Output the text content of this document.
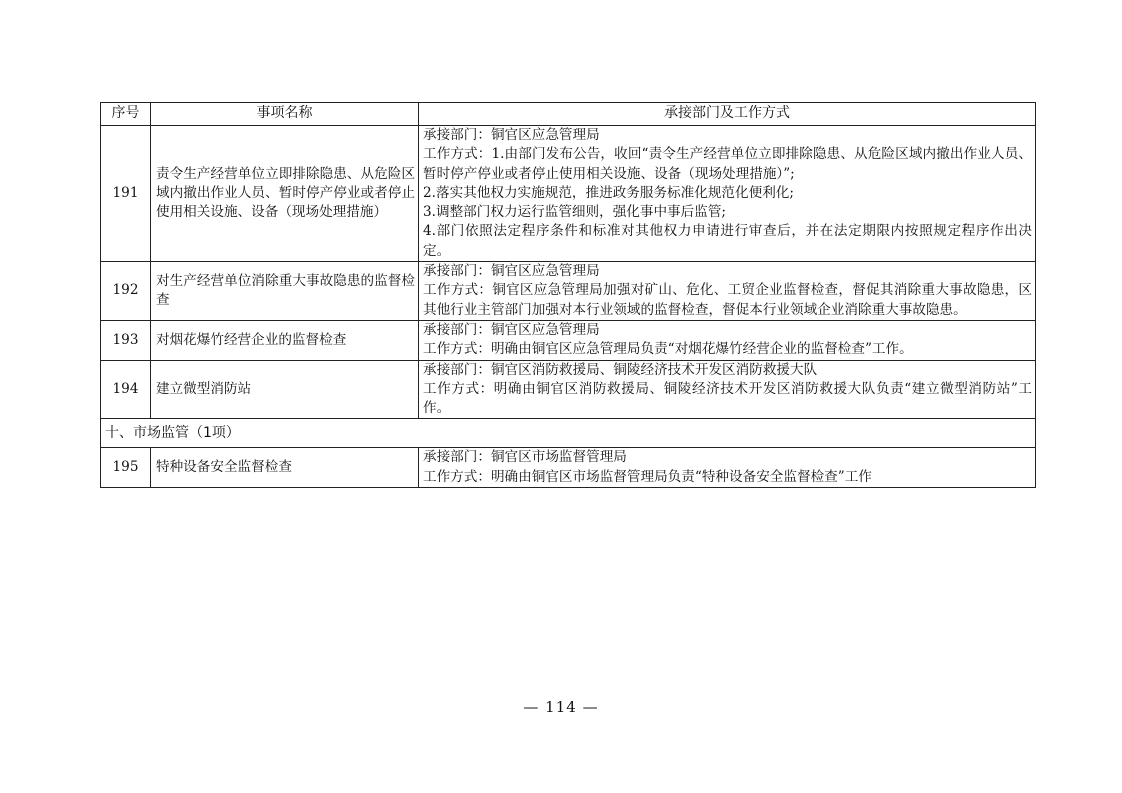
序号	事项名称	承接部门及工作方式
191	责令生产经营单位立即排除隐患、从危险区域内撤出作业人员、暂时停产停业或者停止使用相关设施、设备（现场处理措施）	承接部门：铜官区应急管理局
工作方式：1.由部门发布公告，收回“责令生产经营单位立即排除隐患、从危险区域内撤出作业人员、暂时停产停业或者停止使用相关设施、设备（现场处理措施）”;
2.落实其他权力实施规范，推进政务服务标准化规范化便利化;
3.调整部门权力运行监管细则，强化事中事后监管;
4.部门依照法定程序条件和标准对其他权力申请进行审查后，并在法定期限内按照规定程序作出决定。

192	对生产经营单位消除重大事故隐患的监督检查	承接部门：铜官区应急管理局
工作方式：铜官区应急管理局加强对矿山、危化、工贸企业监督检查，督促其消除重大事故隐患，区其他行业主管部门加强对本行业领域的监督检查，督促本行业领域企业消除重大事故隐患。

193	对烟花爆竹经营企业的监督检查	承接部门：铜官区应急管理局
工作方式：明确由铜官区应急管理局负责“对烟花爆竹经营企业的监督检查”工作。

194	建立微型消防站	承接部门：铜官区消防救援局、铜陵经济技术开发区消防救援大队
工作方式：明确由铜官区消防救援局、铜陵经济技术开发区消防救援大队负责“建立微型消防站”工作。

十、市场监管（1项）		
195	特种设备安全监督检查	承接部门：铜官区市场监督管理局
工作方式：明确由铜官区市场监督管理局负责“特种设备安全监督检查”工作
— 114 —
